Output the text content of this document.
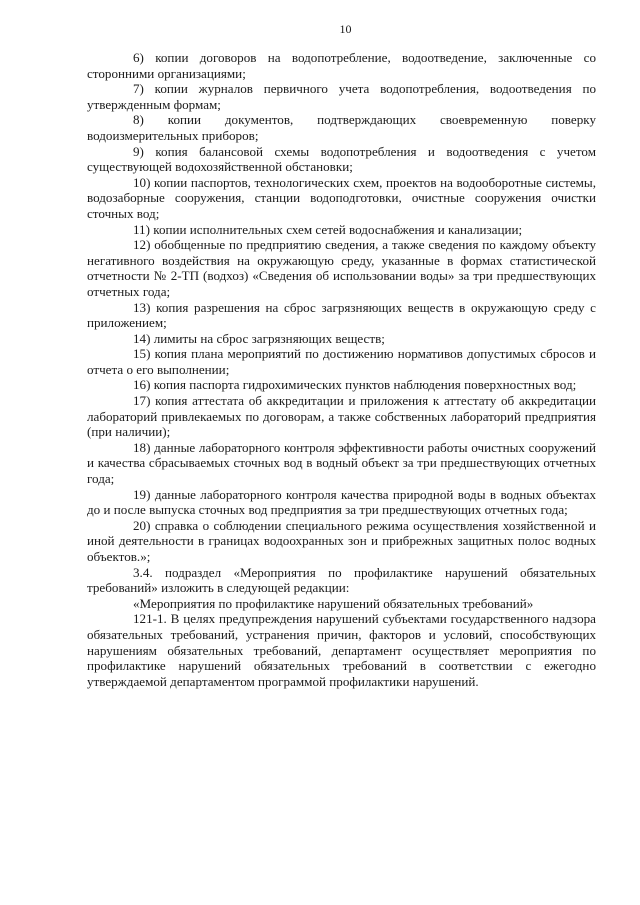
10

6) копии договоров на водопотребление, водоотведение, заключенные со сторонними организациями;

7) копии журналов первичного учета водопотребления, водоотведения по утвержденным формам;

8) копии документов, подтверждающих своевременную поверку водоизмерительных приборов;

9) копия балансовой схемы водопотребления и водоотведения с учетом существующей водохозяйственной обстановки;

10) копии паспортов, технологических схем, проектов на водооборотные системы, водозаборные сооружения, станции водоподготовки, очистные сооружения очистки сточных вод;

11) копии исполнительных схем сетей водоснабжения и канализации;

12) обобщенные по предприятию сведения, а также сведения по каждому объекту негативного воздействия на окружающую среду, указанные в формах статистической отчетности № 2-ТП (водхоз) «Сведения об использовании воды» за три предшествующих отчетных года;

13) копия разрешения на сброс загрязняющих веществ в окружающую среду с приложением;

14) лимиты на сброс загрязняющих веществ;

15) копия плана мероприятий по достижению нормативов допустимых сбросов и отчета о его выполнении;

16) копия паспорта гидрохимических пунктов наблюдения поверхностных вод;

17) копия аттестата об аккредитации и приложения к аттестату об аккредитации лабораторий привлекаемых по договорам, а также собственных лабораторий предприятия (при наличии);

18) данные лабораторного контроля эффективности работы очистных сооружений и качества сбрасываемых сточных вод в водный объект за три предшествующих отчетных года;

19) данные лабораторного контроля качества природной воды в водных объектах до и после выпуска сточных вод предприятия за три предшествующих отчетных года;

20) справка о соблюдении специального режима осуществления хозяйственной и иной деятельности в границах водоохранных зон и прибрежных защитных полос водных объектов.»;

3.4. подраздел «Мероприятия по профилактике нарушений обязательных требований» изложить в следующей редакции:

«Мероприятия по профилактике нарушений обязательных требований»

121-1. В целях предупреждения нарушений субъектами государственного надзора обязательных требований, устранения причин, факторов и условий, способствующих нарушениям обязательных требований, департамент осуществляет мероприятия по профилактике нарушений обязательных требований в соответствии с ежегодно утверждаемой департаментом программой профилактики нарушений.
